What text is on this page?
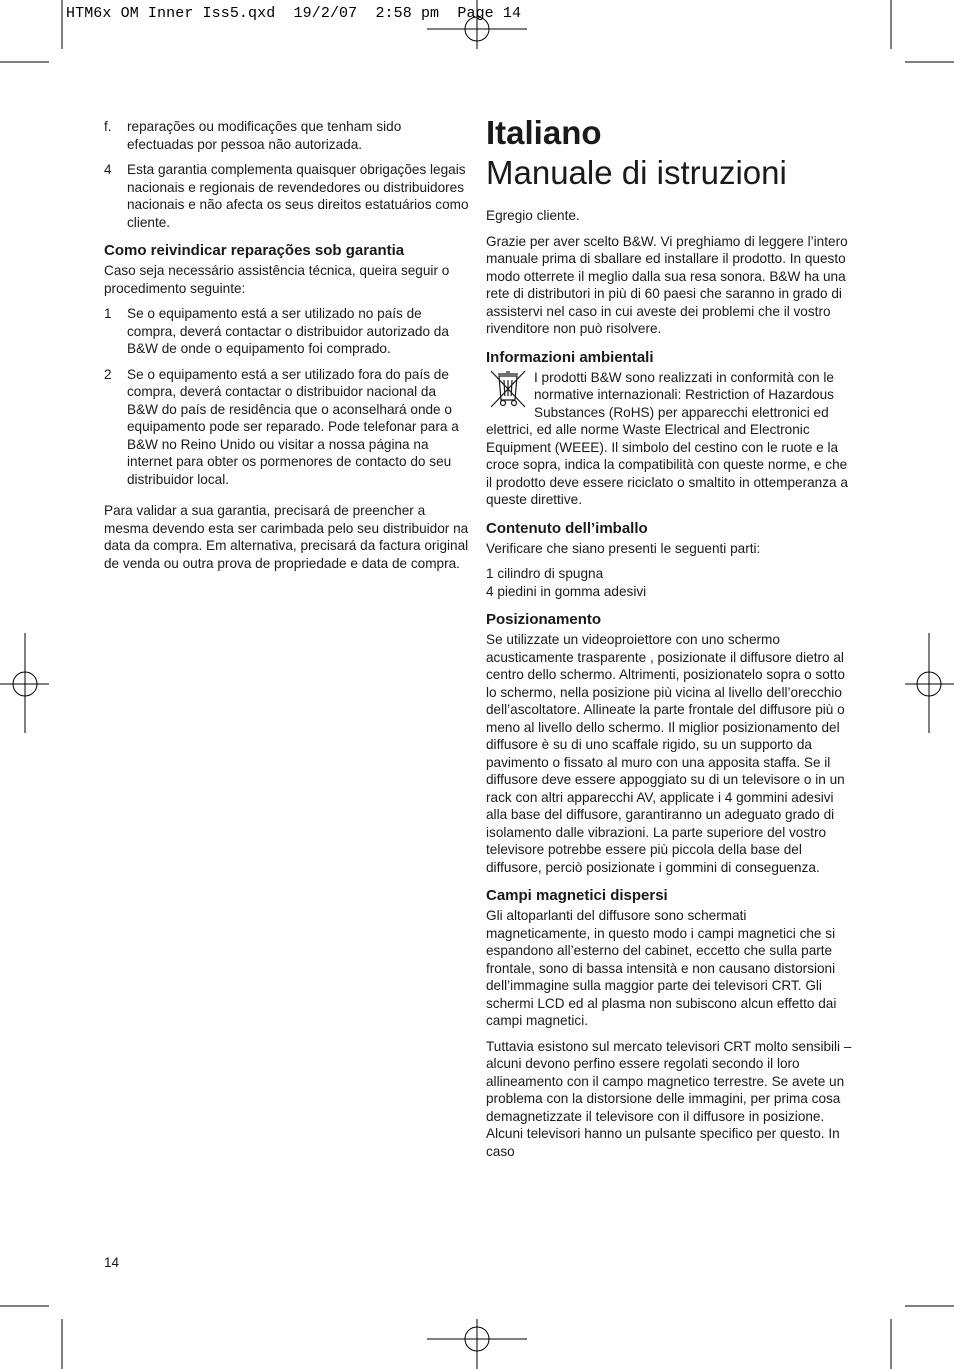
HTM6x OM Inner Iss5.qxd  19/2/07  2:58 pm  Page 14
f.	reparações ou modificações que tenham sido efectuadas por pessoa não autorizada.
4	Esta garantia complementa quaisquer obrigações legais nacionais e regionais de revendedores ou distribuidores nacionais e não afecta os seus direitos estatuários como cliente.
Como reivindicar reparações sob garantia

Caso seja necessário assistência técnica, queira seguir o procedimento seguinte:

1	Se o equipamento está a ser utilizado no país de compra, deverá contactar o distribuidor autorizado da B&W de onde o equipamento foi comprado.
2	Se o equipamento está a ser utilizado fora do país de compra, deverá contactar o distribuidor nacional da B&W do país de residência que o aconselhará onde o equipamento pode ser reparado. Pode telefonar para a B&W no Reino Unido ou visitar a nossa página na internet para obter os pormenores de contacto do seu distribuidor local.

Para validar a sua garantia, precisará de preencher a mesma devendo esta ser carimbada pelo seu distribuidor na data da compra. Em alternativa, precisará da factura original de venda ou outra prova de propriedade e data de compra.

Italiano
Manuale di istruzioni

Egregio cliente.

Grazie per aver scelto B&W. Vi preghiamo di leggere l’intero manuale prima di sballare ed installare il prodotto. In questo modo otterrete il meglio dalla sua resa sonora. B&W ha una rete di distributori in più di 60 paesi che saranno in grado di assistervi nel caso in cui aveste dei problemi che il vostro rivenditore non può risolvere.

Informazioni ambientali

I prodotti B&W sono realizzati in conformità con le normative internazionali: Restriction of Hazardous Substances (RoHS) per apparecchi elettronici ed elettrici, ed alle norme Waste Electrical and Electronic Equipment (WEEE). Il simbolo del cestino con le ruote e la croce sopra, indica la compatibilità con queste norme, e che il prodotto deve essere riciclato o smaltito in ottemperanza a queste direttive.

Contenuto dell’imballo

Verificare che siano presenti le seguenti parti:

1 cilindro di spugna
4 piedini in gomma adesivi
Posizionamento

Se utilizzate un videoproiettore con uno schermo acusticamente trasparente , posizionate il diffusore dietro al centro dello schermo. Altrimenti, posizionatelo sopra o sotto lo schermo, nella posizione più vicina al livello dell’orecchio dell’ascoltatore. Allineate la parte frontale del diffusore più o meno al livello dello schermo. Il miglior posizionamento del diffusore è su di uno scaffale rigido, su un supporto da pavimento o fissato al muro con una apposita staffa. Se il diffusore deve essere appoggiato su di un televisore o in un rack con altri apparecchi AV, applicate i 4 gommini adesivi alla base del diffusore, garantiranno un adeguato grado di isolamento dalle vibrazioni. La parte superiore del vostro televisore potrebbe essere più piccola della base del diffusore, perciò posizionate i gommini di conseguenza.

Campi magnetici dispersi

Gli altoparlanti del diffusore sono schermati magneticamente, in questo modo i campi magnetici che si espandono all’esterno del cabinet, eccetto che sulla parte frontale, sono di bassa intensità e non causano distorsioni dell’immagine sulla maggior parte dei televisori CRT. Gli schermi LCD ed al plasma non subiscono alcun effetto dai campi magnetici.

Tuttavia esistono sul mercato televisori CRT molto sensibili – alcuni devono perfino essere regolati secondo il loro allineamento con il campo magnetico terrestre. Se avete un problema con la distorsione delle immagini, per prima cosa demagnetizzate il televisore con il diffusore in posizione. Alcuni televisori hanno un pulsante specifico per questo. In caso

14
